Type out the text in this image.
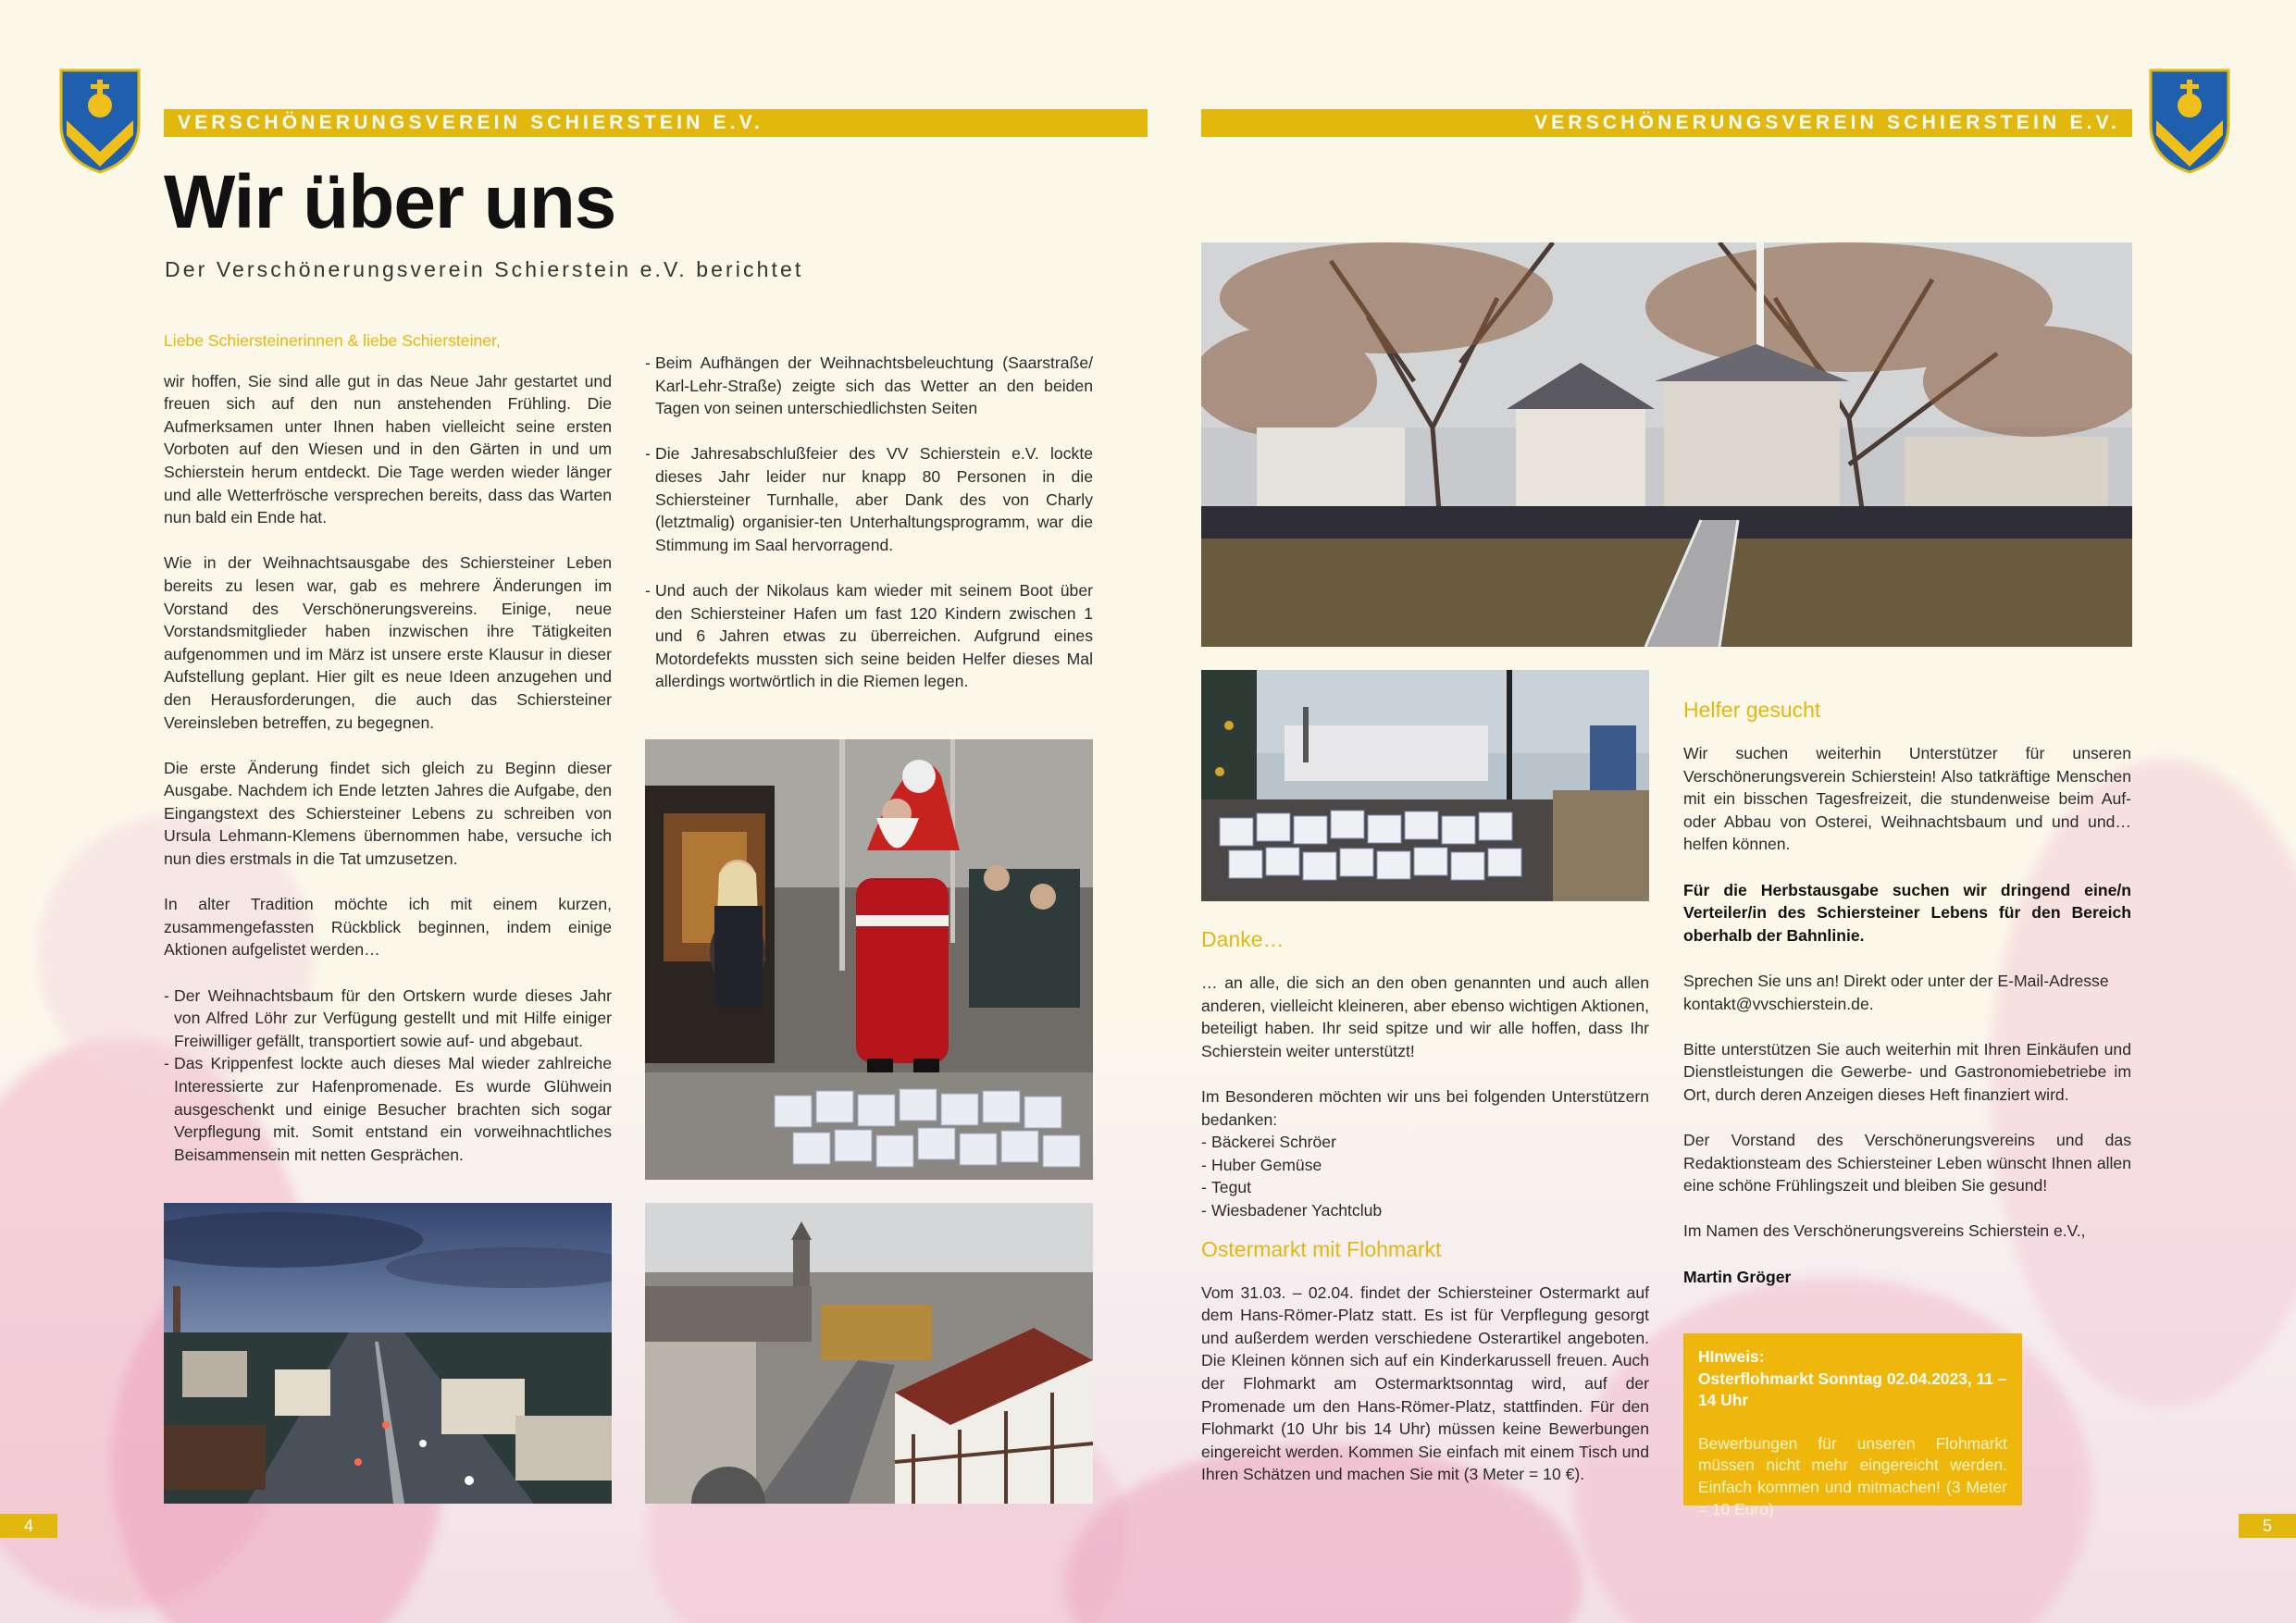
VERSCHÖNERUNGSVEREIN SCHIERSTEIN E.V.	VERSCHÖNERUNGSVEREIN SCHIERSTEIN E.V.
Wir über uns
Der Verschönerungsverein Schierstein e.V. berichtet

Liebe Schiersteinerinnen & liebe Schiersteiner,

wir hoffen, Sie sind alle gut in das Neue Jahr gestartet und freuen sich auf den nun anstehenden Frühling. Die Aufmerksamen unter Ihnen haben vielleicht seine ersten Vorboten auf den Wiesen und in den Gärten in und um Schierstein herum entdeckt. Die Tage werden wieder länger und alle Wetterfrösche versprechen bereits, dass das Warten nun bald ein Ende hat.

Wie in der Weihnachtsausgabe des Schiersteiner Leben bereits zu lesen war, gab es mehrere Änderungen im Vorstand des Verschönerungsvereins. Einige, neue Vorstandsmitglieder haben inzwischen ihre Tätigkeiten aufgenommen und im März ist unsere erste Klausur in dieser Aufstellung geplant. Hier gilt es neue Ideen anzugehen und den Herausforderungen, die auch das Schiersteiner Vereinsleben betreffen, zu begegnen.

Die erste Änderung findet sich gleich zu Beginn dieser Ausgabe. Nachdem ich Ende letzten Jahres die Aufgabe, den Eingangstext des Schiersteiner Lebens zu schreiben von Ursula Lehmann-Klemens übernommen habe, versuche ich nun dies erstmals in die Tat umzusetzen.

In alter Tradition möchte ich mit einem kurzen, zusammengefassten Rückblick beginnen, indem einige Aktionen aufgelistet werden…

- Der Weihnachtsbaum für den Ortskern wurde dieses Jahr von Alfred Löhr zur Verfügung gestellt und mit Hilfe einiger Freiwilliger gefällt, transportiert sowie auf- und abgebaut.
- Das Krippenfest lockte auch dieses Mal wieder zahlreiche Interessierte zur Hafenpromenade. Es wurde Glühwein ausgeschenkt und einige Besucher brachten sich sogar Verpflegung mit. Somit entstand ein vorweihnachtliches Beisammensein mit netten Gesprächen.
- Beim Aufhängen der Weihnachtsbeleuchtung (Saarstraße/ Karl-Lehr-Straße) zeigte sich das Wetter an den beiden Tagen von seinen unterschiedlichsten Seiten
- Die Jahresabschlußfeier des VV Schierstein e.V. lockte dieses Jahr leider nur knapp 80 Personen in die Schiersteiner Turnhalle, aber Dank des von Charly (letztmalig) organisier-ten Unterhaltungsprogramm, war die Stimmung im Saal hervorragend.
- Und auch der Nikolaus kam wieder mit seinem Boot über den Schiersteiner Hafen um fast 120 Kindern zwischen 1 und 6 Jahren etwas zu überreichen. Aufgrund eines Motordefekts mussten sich seine beiden Helfer dieses Mal allerdings wortwörtlich in die Riemen legen.
Danke…

… an alle, die sich an den oben genannten und auch allen anderen, vielleicht kleineren, aber ebenso wichtigen Aktionen, beteiligt haben. Ihr seid spitze und wir alle hoffen, dass Ihr Schierstein weiter unterstützt!

Im Besonderen möchten wir uns bei folgenden Unterstützern bedanken:

- Bäckerei Schröer
- Huber Gemüse
- Tegut
- Wiesbadener Yachtclub
Ostermarkt mit Flohmarkt

Vom 31.03. – 02.04. findet der Schiersteiner Ostermarkt auf dem Hans-Römer-Platz statt. Es ist für Verpflegung gesorgt und außerdem werden verschiedene Osterartikel angeboten. Die Kleinen können sich auf ein Kinderkarussell freuen. Auch der Flohmarkt am Ostermarktsonntag wird, auf der Promenade um den Hans-Römer-Platz, stattfinden. Für den Flohmarkt (10 Uhr bis 14 Uhr) müssen keine Bewerbungen eingereicht werden. Kommen Sie einfach mit einem Tisch und Ihren Schätzen und machen Sie mit (3 Meter = 10 €).

Helfer gesucht

Wir suchen weiterhin Unterstützer für unseren Verschönerungsverein Schierstein! Also tatkräftige Menschen mit ein bisschen Tagesfreizeit, die stundenweise beim Auf- oder Abbau von Osterei, Weihnachtsbaum und und und… helfen können.

Für die Herbstausgabe suchen wir dringend eine/n Verteiler/in des Schiersteiner Lebens für den Bereich oberhalb der Bahnlinie.

Sprechen Sie uns an! Direkt oder unter der E-Mail-Adresse
kontakt@vvschierstein.de.

Bitte unterstützen Sie auch weiterhin mit Ihren Einkäufen und Dienstleistungen die Gewerbe- und Gastronomiebetriebe im Ort, durch deren Anzeigen dieses Heft finanziert wird.

Der Vorstand des Verschönerungsvereins und das Redaktionsteam des Schiersteiner Leben wünscht Ihnen allen eine schöne Frühlingszeit und bleiben Sie gesund!

Im Namen des Verschönerungsvereins Schierstein e.V.,

Martin Gröger

HInweis:
Osterflohmarkt Sonntag 02.04.2023, 11 – 14 Uhr
Bewerbungen für unseren Flohmarkt müssen nicht mehr eingereicht werden. Einfach kommen und mitmachen! (3 Meter = 10 Euro)
4	5
